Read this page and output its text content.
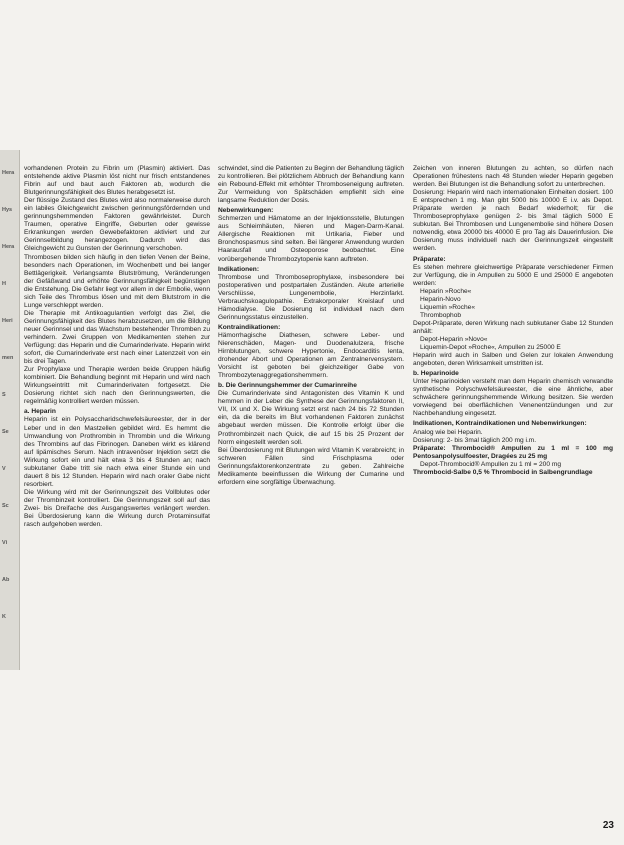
Hera
Hys
Hera
H
Heri
men
S
Se
V
Sc
Vi
Ab
K

vorhandenen Protein zu Fibrin um (Plasmin) aktiviert. Das entstehende aktive Plasmin löst nicht nur frisch entstandenes Fibrin auf und baut auch Faktoren ab, wodurch die Blutgerinnungsfähigkeit des Blutes herabgesetzt ist.

Der flüssige Zustand des Blutes wird also normalerweise durch ein labiles Gleichgewicht zwischen gerinnungsfördernden und gerinnungshemmenden Faktoren gewährleistet. Durch Traumen, operative Eingriffe, Geburten oder gewisse Erkrankungen werden Gewebefaktoren aktiviert und zur Gerinnselbildung herangezogen. Dadurch wird das Gleichgewicht zu Gunsten der Gerinnung verschoben.

Thrombosen bilden sich häufig in den tiefen Venen der Beine, besonders nach Operationen, im Wochenbett und bei langer Bettlägerigkeit. Verlangsamte Blutströmung, Veränderungen der Gefäßwand und erhöhte Gerinnungsfähigkeit begünstigen die Entstehung. Die Gefahr liegt vor allem in der Embolie, wenn sich Teile des Thrombus lösen und mit dem Blutstrom in die Lunge verschleppt werden.

Die Therapie mit Antikoagulantien verfolgt das Ziel, die Gerinnungsfähigkeit des Blutes herabzusetzen, um die Bildung neuer Gerinnsel und das Wachstum bestehender Thromben zu verhindern. Zwei Gruppen von Medikamenten stehen zur Verfügung: das Heparin und die Cumarinderivate. Heparin wirkt sofort, die Cumarinderivate erst nach einer Latenzzeit von ein bis drei Tagen.

Zur Prophylaxe und Therapie werden beide Gruppen häufig kombiniert. Die Behandlung beginnt mit Heparin und wird nach Wirkungseintritt mit Cumarinderivaten fortgesetzt. Die Dosierung richtet sich nach den Gerinnungswerten, die regelmäßig kontrolliert werden müssen.

a. Heparin

Heparin ist ein Polysaccharidschwefelsäureester, der in der Leber und in den Mastzellen gebildet wird. Es hemmt die Umwandlung von Prothrombin in Thrombin und die Wirkung des Thrombins auf das Fibrinogen. Daneben wirkt es klärend auf lipämisches Serum. Nach intravenöser Injektion setzt die Wirkung sofort ein und hält etwa 3 bis 4 Stunden an; nach subkutaner Gabe tritt sie nach etwa einer Stunde ein und dauert 8 bis 12 Stunden. Heparin wird nach oraler Gabe nicht resorbiert.

Die Wirkung wird mit der Gerinnungszeit des Vollblutes oder der Thrombinzeit kontrolliert. Die Gerinnungszeit soll auf das Zwei- bis Dreifache des Ausgangswertes verlängert werden. Bei Überdosierung kann die Wirkung durch Protaminsulfat rasch aufgehoben werden.

schwindet, sind die Patienten zu Beginn der Behandlung täglich zu kontrollieren. Bei plötzlichem Abbruch der Behandlung kann ein Rebound-Effekt mit erhöhter Thromboseneigung auftreten. Zur Vermeidung von Spätschäden empfiehlt sich eine langsame Reduktion der Dosis.

Nebenwirkungen:

Schmerzen und Hämatome an der Injektionsstelle, Blutungen aus Schleimhäuten, Nieren und Magen-Darm-Kanal. Allergische Reaktionen mit Urtikaria, Fieber und Bronchospasmus sind selten. Bei längerer Anwendung wurden Haarausfall und Osteoporose beobachtet. Eine vorübergehende Thrombozytopenie kann auftreten.

Indikationen:

Thrombose und Thromboseprophylaxe, insbesondere bei postoperativen und postpartalen Zuständen. Akute arterielle Verschlüsse, Lungenembolie, Herzinfarkt. Verbrauchskoagulopathie. Extrakorporaler Kreislauf und Hämodialyse. Die Dosierung ist individuell nach dem Gerinnungsstatus einzustellen.

Kontraindikationen:

Hämorrhagische Diathesen, schwere Leber- und Nierenschäden, Magen- und Duodenalulzera, frische Hirnblutungen, schwere Hypertonie, Endocarditis lenta, drohender Abort und Operationen am Zentralnervensystem. Vorsicht ist geboten bei gleichzeitiger Gabe von Thrombozytenaggregationshemmern.

b. Die Gerinnungshemmer der Cumarinreihe

Die Cumarinderivate sind Antagonisten des Vitamin K und hemmen in der Leber die Synthese der Gerinnungsfaktoren II, VII, IX und X. Die Wirkung setzt erst nach 24 bis 72 Stunden ein, da die bereits im Blut vorhandenen Faktoren zunächst abgebaut werden müssen. Die Kontrolle erfolgt über die Prothrombinzeit nach Quick, die auf 15 bis 25 Prozent der Norm eingestellt werden soll.

Bei Überdosierung mit Blutungen wird Vitamin K verabreicht; in schweren Fällen sind Frischplasma oder Gerinnungsfaktorenkonzentrate zu geben. Zahlreiche Medikamente beeinflussen die Wirkung der Cumarine und erfordern eine sorgfältige Überwachung.

Zeichen von inneren Blutungen zu achten, so dürfen nach Operationen frühestens nach 48 Stunden wieder Heparin gegeben werden. Bei Blutungen ist die Behandlung sofort zu unterbrechen.

Dosierung: Heparin wird nach internationalen Einheiten dosiert. 100 E entsprechen 1 mg. Man gibt 5000 bis 10000 E i.v. als Depot. Präparate werden je nach Bedarf wiederholt; für die Thromboseprophylaxe genügen 2- bis 3mal täglich 5000 E subkutan. Bei Thrombosen und Lungenembolie sind höhere Dosen notwendig, etwa 20000 bis 40000 E pro Tag als Dauerinfusion. Die Dosierung muss individuell nach der Gerinnungszeit eingestellt werden.

Präparate:

Es stehen mehrere gleichwertige Präparate verschiedener Firmen zur Verfügung, die in Ampullen zu 5000 E und 25000 E angeboten werden:

Heparin »Roche«

Heparin-Novo

Liquemin »Roche«

Thrombophob

Depot-Präparate, deren Wirkung nach subkutaner Gabe 12 Stunden anhält:

Depot-Heparin »Novo«

Liquemin-Depot »Roche«, Ampullen zu 25000 E

Heparin wird auch in Salben und Gelen zur lokalen Anwendung angeboten, deren Wirksamkeit umstritten ist.

b. Heparinoide

Unter Heparinoiden versteht man dem Heparin chemisch verwandte synthetische Polyschwefelsäureester, die eine ähnliche, aber schwächere gerinnungshemmende Wirkung besitzen. Sie werden vorwiegend bei oberflächlichen Venenentzündungen und zur Nachbehandlung eingesetzt.

Indikationen, Kontraindikationen und Nebenwirkungen:

Analog wie bei Heparin.

Dosierung: 2- bis 3mal täglich 200 mg i.m.

Präparate: Thrombocid® Ampullen zu 1 ml = 100 mg Pentosanpolysulfoester, Dragées zu 25 mg

Depot-Thrombocid® Ampullen zu 1 ml = 200 mg

Thrombocid-Salbe 0,5 % Thrombocid in Salbengrundlage

23
